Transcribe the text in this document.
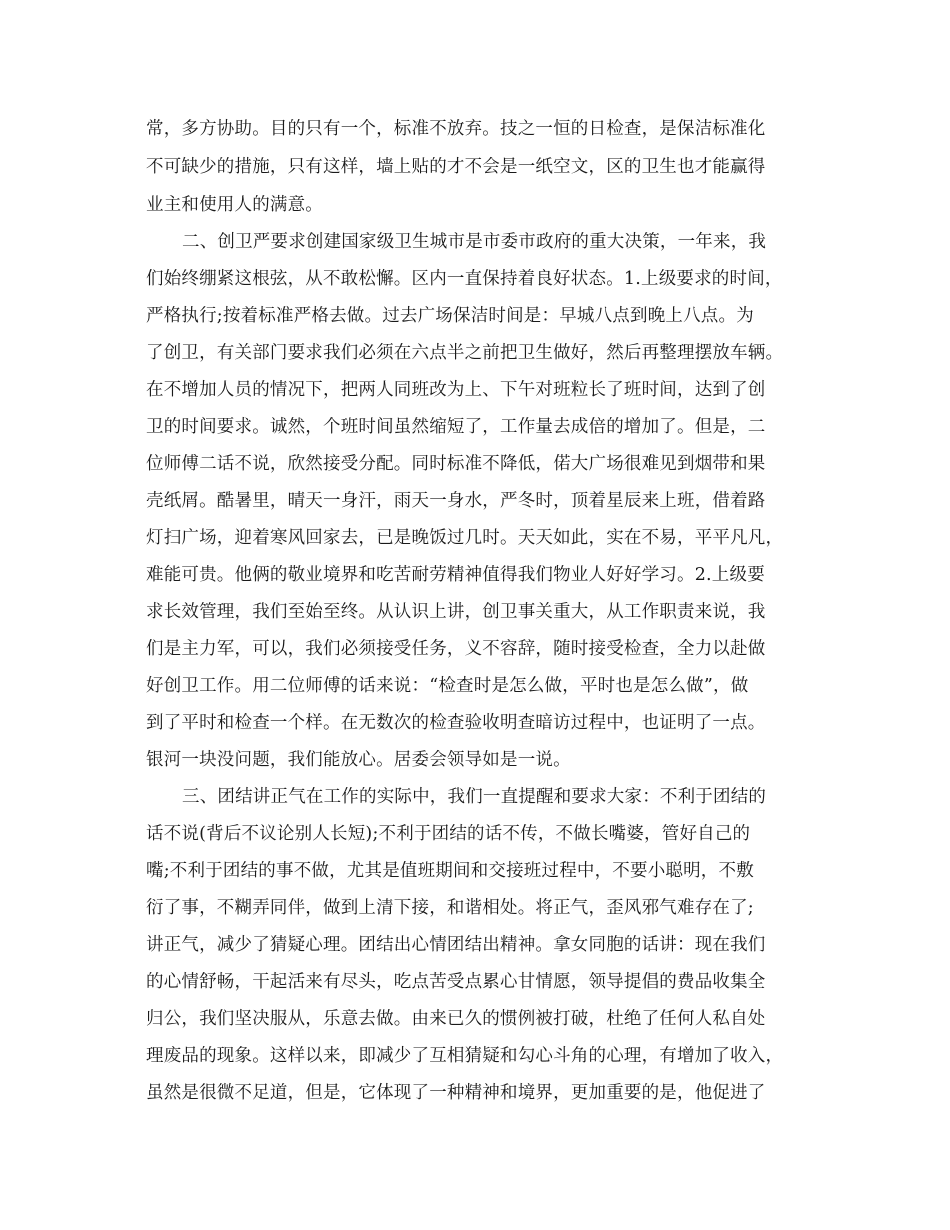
常，多方协助。目的只有一个，标准不放弃。技之一恒的日检查，是保洁标准化
不可缺少的措施，只有这样，墙上贴的才不会是一纸空文，区的卫生也才能赢得
业主和使用人的满意。
二、创卫严要求创建国家级卫生城市是市委市政府的重大决策，一年来，我
们始终绷紧这根弦，从不敢松懈。区内一直保持着良好状态。1.上级要求的时间，
严格执行;按着标准严格去做。过去广场保洁时间是：早城八点到晚上八点。为
了创卫，有关部门要求我们必须在六点半之前把卫生做好，然后再整理摆放车辆。
在不增加人员的情况下，把两人同班改为上、下午对班粒长了班时间，达到了创
卫的时间要求。诚然，个班时间虽然缩短了，工作量去成倍的增加了。但是，二
位师傅二话不说，欣然接受分配。同时标准不降低，偌大广场很难见到烟带和果
壳纸屑。酷暑里，晴天一身汗，雨天一身水，严冬时，顶着星辰来上班，借着路
灯扫广场，迎着寒风回家去，已是晚饭过几时。天天如此，实在不易，平平凡凡，
难能可贵。他俩的敬业境界和吃苦耐劳精神值得我们物业人好好学习。2.上级要
求长效管理，我们至始至终。从认识上讲，创卫事关重大，从工作职责来说，我
们是主力军，可以，我们必须接受任务，义不容辞，随时接受检查，全力以赴做
好创卫工作。用二位师傅的话来说：“检查时是怎么做，平时也是怎么做”，做
到了平时和检查一个样。在无数次的检查验收明查暗访过程中，也证明了一点。
银河一块没问题，我们能放心。居委会领导如是一说。
三、团结讲正气在工作的实际中，我们一直提醒和要求大家：不利于团结的
话不说(背后不议论别人长短);不利于团结的话不传，不做长嘴婆，管好自己的
嘴;不利于团结的事不做，尤其是值班期间和交接班过程中，不要小聪明，不敷
衍了事，不糊弄同伴，做到上清下接，和谐相处。将正气，歪风邪气难存在了;
讲正气，减少了猜疑心理。团结出心情团结出精神。拿女同胞的话讲：现在我们
的心情舒畅，干起活来有尽头，吃点苦受点累心甘情愿，领导提倡的费品收集全
归公，我们坚决服从，乐意去做。由来已久的惯例被打破，杜绝了任何人私自处
理废品的现象。这样以来，即减少了互相猜疑和勾心斗角的心理，有增加了收入，
虽然是很微不足道，但是，它体现了一种精神和境界，更加重要的是，他促进了
